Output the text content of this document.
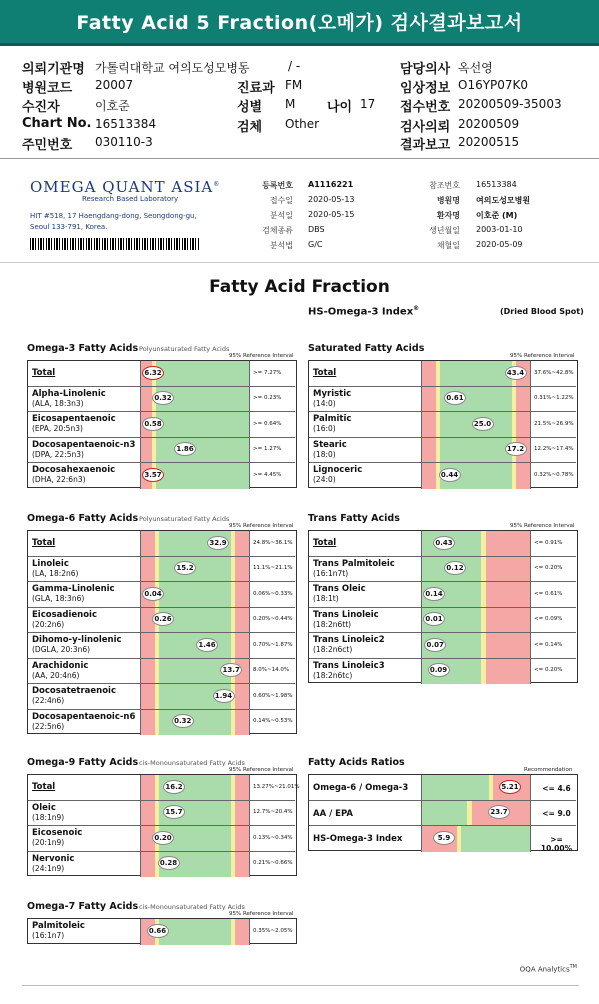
Fatty Acid 5 Fraction(오메가) 검사결과보고서
의뢰기관명 가톨릭대학교 여의도성모병동	/ -
병원코드 20007
수진자	이호준
Chart No. 16513384
주민번호 030110-3
진료과 FM
성별 M 나이 17
검체 Other
담당의사 옥선영
임상정보 O16YP07K0
접수번호 20200509-35003
검사의뢰 20200509
결과보고 20200515
OMEGA QUANT ASIA®
Research Based Laboratory
HIT #518, 17 Haengdang-dong, Seongdong-gu,
Seoul 133-791, Korea.
등록번호 A1116221
접수일 2020-05-13
분석일 2020-05-15
검체종류 DBS
분석법 G/C
참조번호 16513384
병원명 여의도성모병원
환자명 이호준 (M)
생년월일 2003-01-10
채혈일 2020-05-09
Fatty Acid Fraction
HS-Omega-3 Index®	(Dried Blood Spot)
Omega-3 Fatty Acids Polyunsaturated Fatty Acids
95% Reference Interval
Total	6.32	>= 7.27%
Alpha-Linolenic
(ALA, 18:3n3)
0.32	>= 0.23%
Eicosapentaenoic
(EPA, 20:5n3)
0.58	>= 0.64%
Docosapentaenoic-n3
(DPA, 22:5n3)
1.86	>= 1.27%
Docosahexaenoic
(DHA, 22:6n3)
3.57	>= 4.45%
Saturated Fatty Acids
95% Reference Interval
Total	43.4	37.6%~42.8%
Myristic
(14:0)
0.61	0.31%~1.22%
Palmitic
(16:0)
25.0	21.5%~26.9%
Stearic
(18:0)
17.2	12.2%~17.4%
Lignoceric
(24:0)
0.44	0.32%~0.78%
Omega-6 Fatty Acids Polyunsaturated Fatty Acids
95% Reference Interval
Total	32.9	24.8%~36.1%
Linoleic
(LA, 18:2n6)
15.2	11.1%~21.1%
Gamma-Linolenic
(GLA, 18:3n6)
0.04	0.06%~0.33%
Eicosadienoic
(20:2n6)
0.26	0.20%~0.44%
Dihomo-y-linolenic
(DGLA, 20:3n6)
1.46	0.70%~1.87%
Arachidonic
(AA, 20:4n6)
13.7	8.0%~14.0%
Docosatetraenoic
(22:4n6)
1.94	0.60%~1.98%
Docosapentaenoic-n6
(22:5n6)
0.32	0.14%~0.53%
Trans Fatty Acids
95% Reference Interval
Total	0.43	<= 0.91%
Trans Palmitoleic
(16:1n7t)
0.12	<= 0.20%
Trans Oleic
(18:1t)
0.14	<= 0.61%
Trans Linoleic
(18:2n6tt)
0.01	<= 0.09%
Trans Linoleic2
(18:2n6ct)
0.07	<= 0.14%
Trans Linoleic3
(18:2n6tc)
0.09	<= 0.20%
Omega-9 Fatty Acids cis-Monounsaturated Fatty Acids
95% Reference Interval
Total	16.2	13.27%~21.01%
Oleic
(18:1n9)
15.7	12.7%~20.4%
Eicosenoic
(20:1n9)
0.20	0.13%~0.34%
Nervonic
(24:1n9)
0.28	0.21%~0.66%
Fatty Acids Ratios
Recommendation
Omega-6 / Omega-3	5.21	<= 4.6
AA / EPA	23.7	<= 9.0
HS-Omega-3 Index	5.9	>= 10.00%
Omega-7 Fatty Acids cis-Monounsaturated Fatty Acids
95% Reference Interval
Palmitoleic
(16:1n7)
0.66	0.35%~2.05%
OQA Analytics™
